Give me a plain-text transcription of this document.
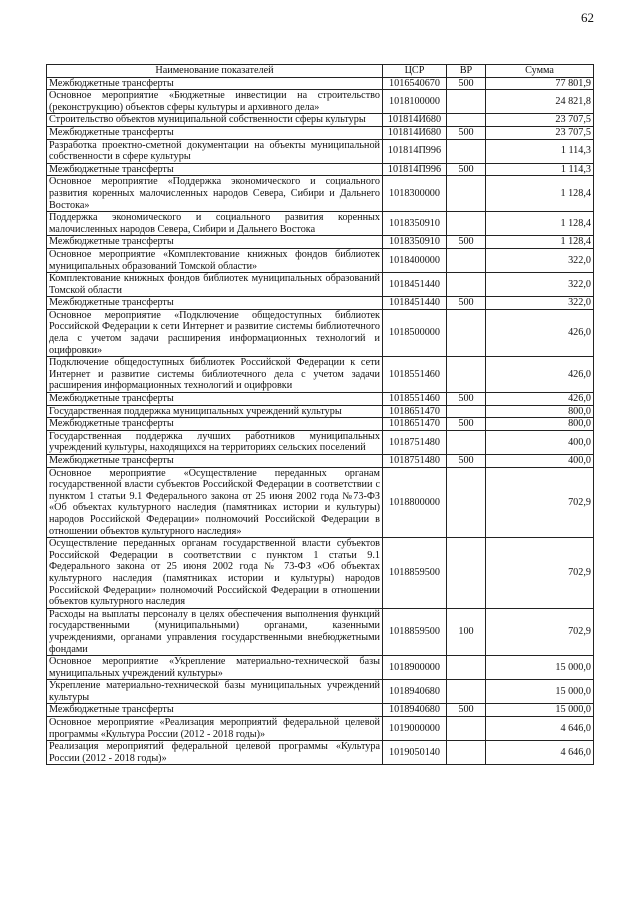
62
Наименование показателей	ЦСР	ВР	Сумма
Межбюджетные трансферты	1016540670	500	77 801,9
Основное мероприятие «Бюджетные инвестиции на строительство (реконструкцию) объектов сферы культуры и архивного дела»	1018100000		24 821,8
Строительство объектов муниципальной собственности сферы культуры	101814И680		23 707,5
Межбюджетные трансферты	101814И680	500	23 707,5
Разработка проектно-сметной документации на объекты муниципальной собственности в сфере культуры	101814П996		1 114,3
Межбюджетные трансферты	101814П996	500	1 114,3
Основное мероприятие «Поддержка экономического и социального развития коренных малочисленных народов Севера, Сибири и Дальнего Востока»	1018300000		1 128,4
Поддержка экономического и социального развития коренных малочисленных народов Севера, Сибири и Дальнего Востока	1018350910		1 128,4
Межбюджетные трансферты	1018350910	500	1 128,4
Основное мероприятие «Комплектование книжных фондов библиотек муниципальных образований Томской области»	1018400000		322,0
Комплектование книжных фондов библиотек муниципальных образований Томской области	1018451440		322,0
Межбюджетные трансферты	1018451440	500	322,0
Основное мероприятие «Подключение общедоступных библиотек Российской Федерации к сети Интернет и развитие системы библиотечного дела с учетом задачи расширения информационных технологий и оцифровки»	1018500000		426,0
Подключение общедоступных библиотек Российской Федерации к сети Интернет и развитие системы библиотечного дела с учетом задачи расширения информационных технологий и оцифровки	1018551460		426,0
Межбюджетные трансферты	1018551460	500	426,0
Государственная поддержка муниципальных учреждений культуры	1018651470		800,0
Межбюджетные трансферты	1018651470	500	800,0
Государственная поддержка лучших работников муниципальных учреждений культуры, находящихся на территориях сельских поселений	1018751480		400,0
Межбюджетные трансферты	1018751480	500	400,0
Основное мероприятие «Осуществление переданных органам государственной власти субъектов Российской Федерации в соответствии с пунктом 1 статьи 9.1 Федерального закона от 25 июня 2002 года №73-ФЗ «Об объектах культурного наследия (памятниках истории и культуры) народов Российской Федерации» полномочий Российской Федерации в отношении объектов культурного наследия»	1018800000		702,9
Осуществление переданных органам государственной власти субъектов Российской Федерации в соответствии с пунктом 1 статьи 9.1 Федерального закона от 25 июня 2002 года № 73-ФЗ «Об объектах культурного наследия (памятниках истории и культуры) народов Российской Федерации» полномочий Российской Федерации в отношении объектов культурного наследия	1018859500		702,9
Расходы на выплаты персоналу в целях обеспечения выполнения функций государственными (муниципальными) органами, казенными учреждениями, органами управления государственными внебюджетными фондами	1018859500	100	702,9
Основное мероприятие «Укрепление материально-технической базы муниципальных учреждений культуры»	1018900000		15 000,0
Укрепление материально-технической базы муниципальных учреждений культуры	1018940680		15 000,0
Межбюджетные трансферты	1018940680	500	15 000,0
Основное мероприятие «Реализация мероприятий федеральной целевой программы «Культура России (2012 - 2018 годы)»	1019000000		4 646,0
Реализация мероприятий федеральной целевой программы «Культура России (2012 - 2018 годы)»	1019050140		4 646,0
